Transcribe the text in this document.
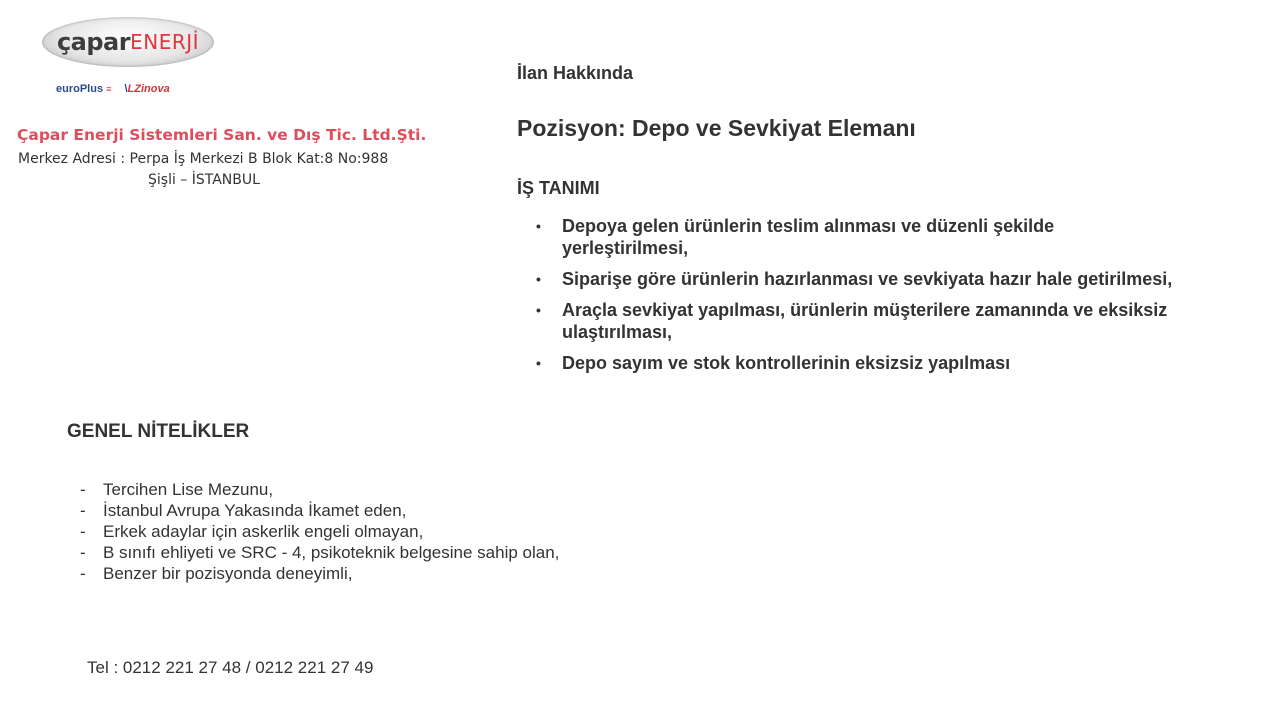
çapar ENERJİ
euroPlus ≡ \LZinova
Çapar Enerji Sistemleri San. ve Dış Tic. Ltd.Şti.
Merkez Adresi : Perpa İş Merkezi B Blok Kat:8 No:988
Şişli – İSTANBUL
İlan Hakkında
Pozisyon: Depo ve Sevkiyat Elemanı
İŞ TANIMI
• Depoya gelen ürünlerin teslim alınması ve düzenli şekilde yerleştirilmesi,
• Siparişe göre ürünlerin hazırlanması ve sevkiyata hazır hale getirilmesi,
• Araçla sevkiyat yapılması, ürünlerin müşterilere zamanında ve eksiksiz ulaştırılması,
• Depo sayım ve stok kontrollerinin eksizsiz yapılması
GENEL NİTELİKLER
- Tercihen Lise Mezunu,
- İstanbul Avrupa Yakasında İkamet eden,
- Erkek adaylar için askerlik engeli olmayan,
- B sınıfı ehliyeti ve SRC - 4, psikoteknik belgesine sahip olan,
- Benzer bir pozisyonda deneyimli,
Tel : 0212 221 27 48 / 0212 221 27 49
